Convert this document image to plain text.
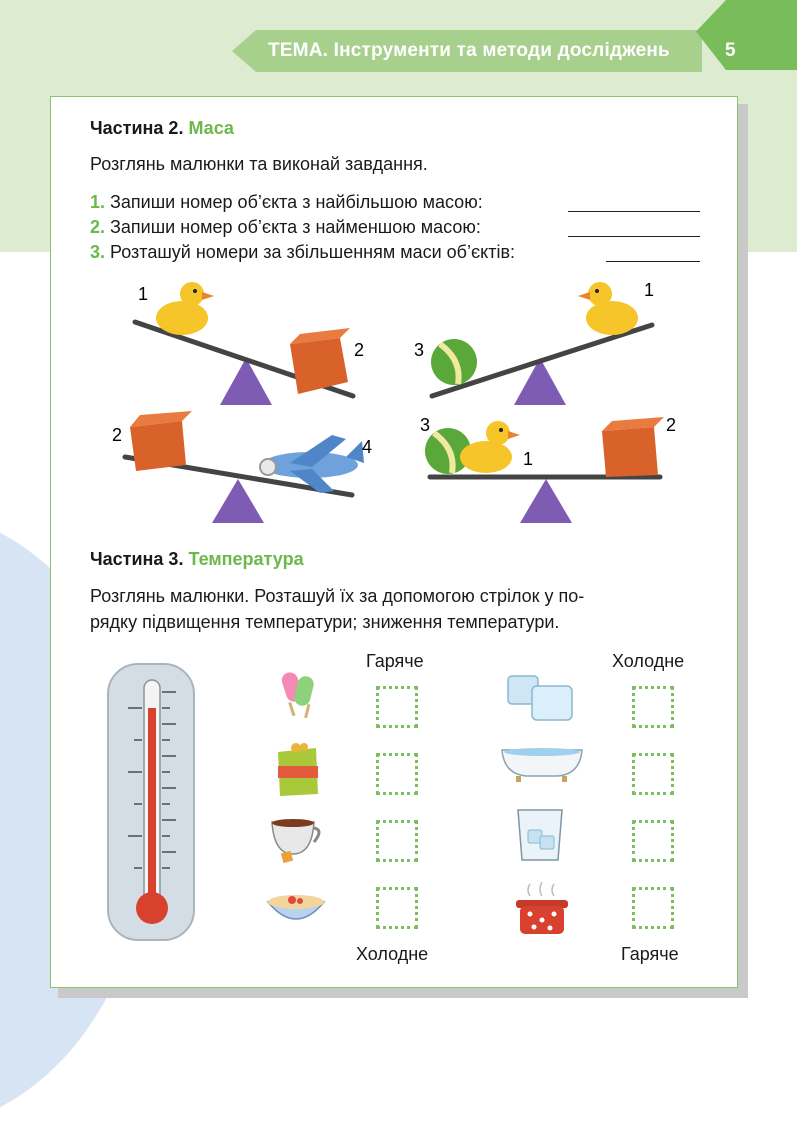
ТЕМА. Інструменти та методи досліджень	5
Частина 2. Маса
Розглянь малюнки та виконай завдання.
1. Запиши номер об’єкта з найбільшою масою:
2. Запиши номер об’єкта з найменшою масою:
3. Розташуй номери за збільшенням маси об’єктів:
1
2	3
1
2
4
3
1
2
Частина 3. Температура
Розглянь малюнки. Розташуй їх за допомогою стрілок у по-
рядку підвищення температури; зниження температури.
Гаряче	Холодне
Холодне	Гаряче
